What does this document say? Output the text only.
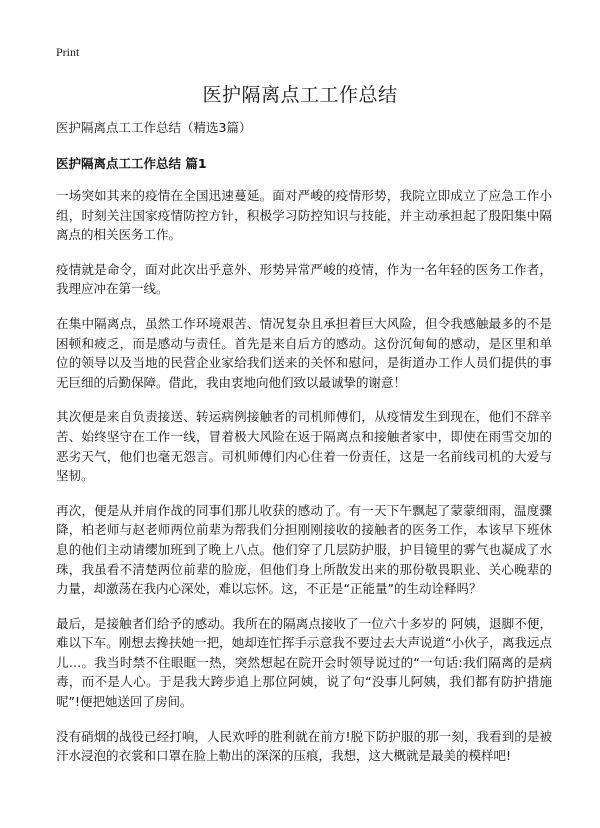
Print
医护隔离点工工作总结

医护隔离点工工作总结（精选3篇）

医护隔离点工工作总结 篇1

一场突如其来的疫情在全国迅速蔓延。面对严峻的疫情形势，我院立即成立了应急工作小组，时刻关注国家疫情防控方针，积极学习防控知识与技能，并主动承担起了殷阳集中隔离点的相关医务工作。

疫情就是命令，面对此次出乎意外、形势异常严峻的疫情，作为一名年轻的医务工作者，我理应冲在第一线。

在集中隔离点，虽然工作环境艰苦、情况复杂且承担着巨大风险，但令我感触最多的不是困顿和疲乏，而是感动与责任。首先是来自后方的感动。这份沉甸甸的感动，是区里和单位的领导以及当地的民营企业家给我们送来的关怀和慰问，是街道办工作人员们提供的事无巨细的后勤保障。借此，我由衷地向他们致以最诚挚的谢意！

其次便是来自负责接送、转运病例接触者的司机师傅们，从疫情发生到现在，他们不辞辛苦、始终坚守在工作一线，冒着极大风险在返于隔离点和接触者家中，即使在雨雪交加的恶劣天气，他们也毫无怨言。司机师傅们内心住着一份责任，这是一名前线司机的大爱与坚韧。

再次，便是从并肩作战的同事们那儿收获的感动了。有一天下午飘起了蒙蒙细雨，温度骤降，柏老师与赵老师两位前辈为帮我们分担刚刚接收的接触者的医务工作，本该早下班休息的他们主动请缨加班到了晚上八点。他们穿了几层防护服，护目镜里的雾气也凝成了水珠，我虽看不清楚两位前辈的脸庞，但他们身上所散发出来的那份敬畏职业、关心晚辈的力量，却激荡在我内心深处，难以忘怀。这，不正是“正能量”的生动诠释吗？

最后，是接触者们给予的感动。我所在的隔离点接收了一位六十多岁的 阿姨，退脚不便，难以下车。刚想去搀扶她一把，她却连忙挥手示意我不要过去大声说道“小伙子，离我远点儿…。我当时禁不住眼眶一热，突然想起在院开会时领导说过的“一句话:我们隔离的是病毒，而不是人心。于是我大跨步追上那位阿姨，说了句“没事儿阿姨，我们都有防护措施呢”!便把她送回了房间。

没有硝烟的战役已经打响，人民欢呼的胜利就在前方!脱下防护服的那一刻，我看到的是被汗水浸泡的衣裳和口罩在脸上勒出的深深的压痕，我想，这大概就是最美的模样吧!
